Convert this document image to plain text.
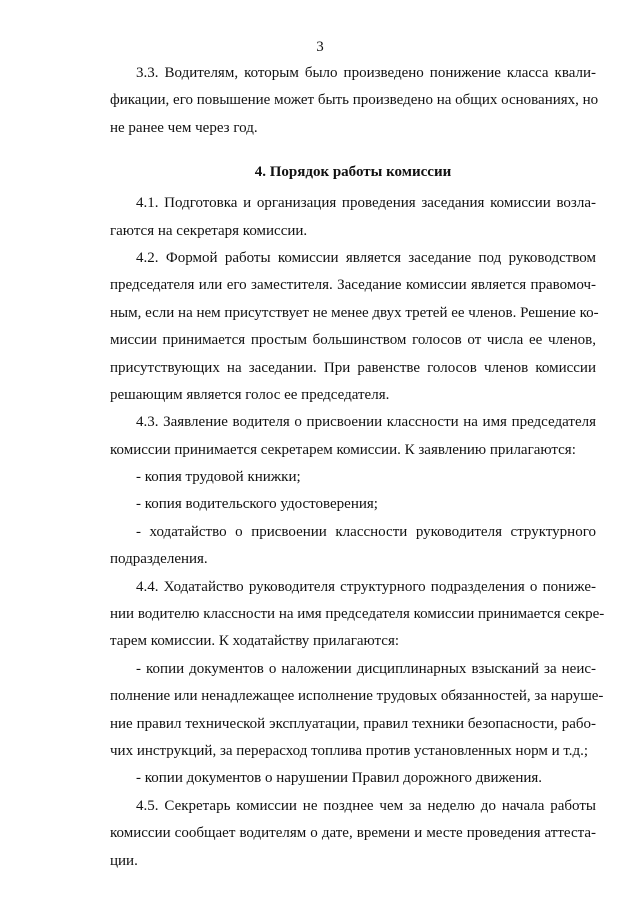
3
3.3. Водителям, которым было произведено понижение класса квали-
фикации, его повышение может быть произведено на общих основаниях, но
не ранее чем через год.
4. Порядок работы комиссии
4.1. Подготовка и организация проведения заседания комиссии возла-
гаются на секретаря комиссии.
4.2. Формой работы комиссии является заседание под руководством
председателя или его заместителя. Заседание комиссии является правомоч-
ным, если на нем присутствует не менее двух третей ее членов. Решение ко-
миссии принимается простым большинством голосов от числа ее членов,
присутствующих на заседании. При равенстве голосов членов комиссии
решающим является голос ее председателя.
4.3. Заявление водителя о присвоении классности на имя председателя
комиссии принимается секретарем комиссии. К заявлению прилагаются:
- копия трудовой книжки;
- копия водительского удостоверения;
- ходатайство о присвоении классности руководителя структурного
подразделения.
4.4. Ходатайство руководителя структурного подразделения о пониже-
нии водителю классности на имя председателя комиссии принимается секре-
тарем комиссии. К ходатайству прилагаются:
- копии документов о наложении дисциплинарных взысканий за неис-
полнение или ненадлежащее исполнение трудовых обязанностей, за наруше-
ние правил технической эксплуатации, правил техники безопасности, рабо-
чих инструкций, за перерасход топлива против установленных норм и т.д.;
- копии документов о нарушении Правил дорожного движения.
4.5. Секретарь комиссии не позднее чем за неделю до начала работы
комиссии сообщает водителям о дате, времени и месте проведения аттеста-
ции.
